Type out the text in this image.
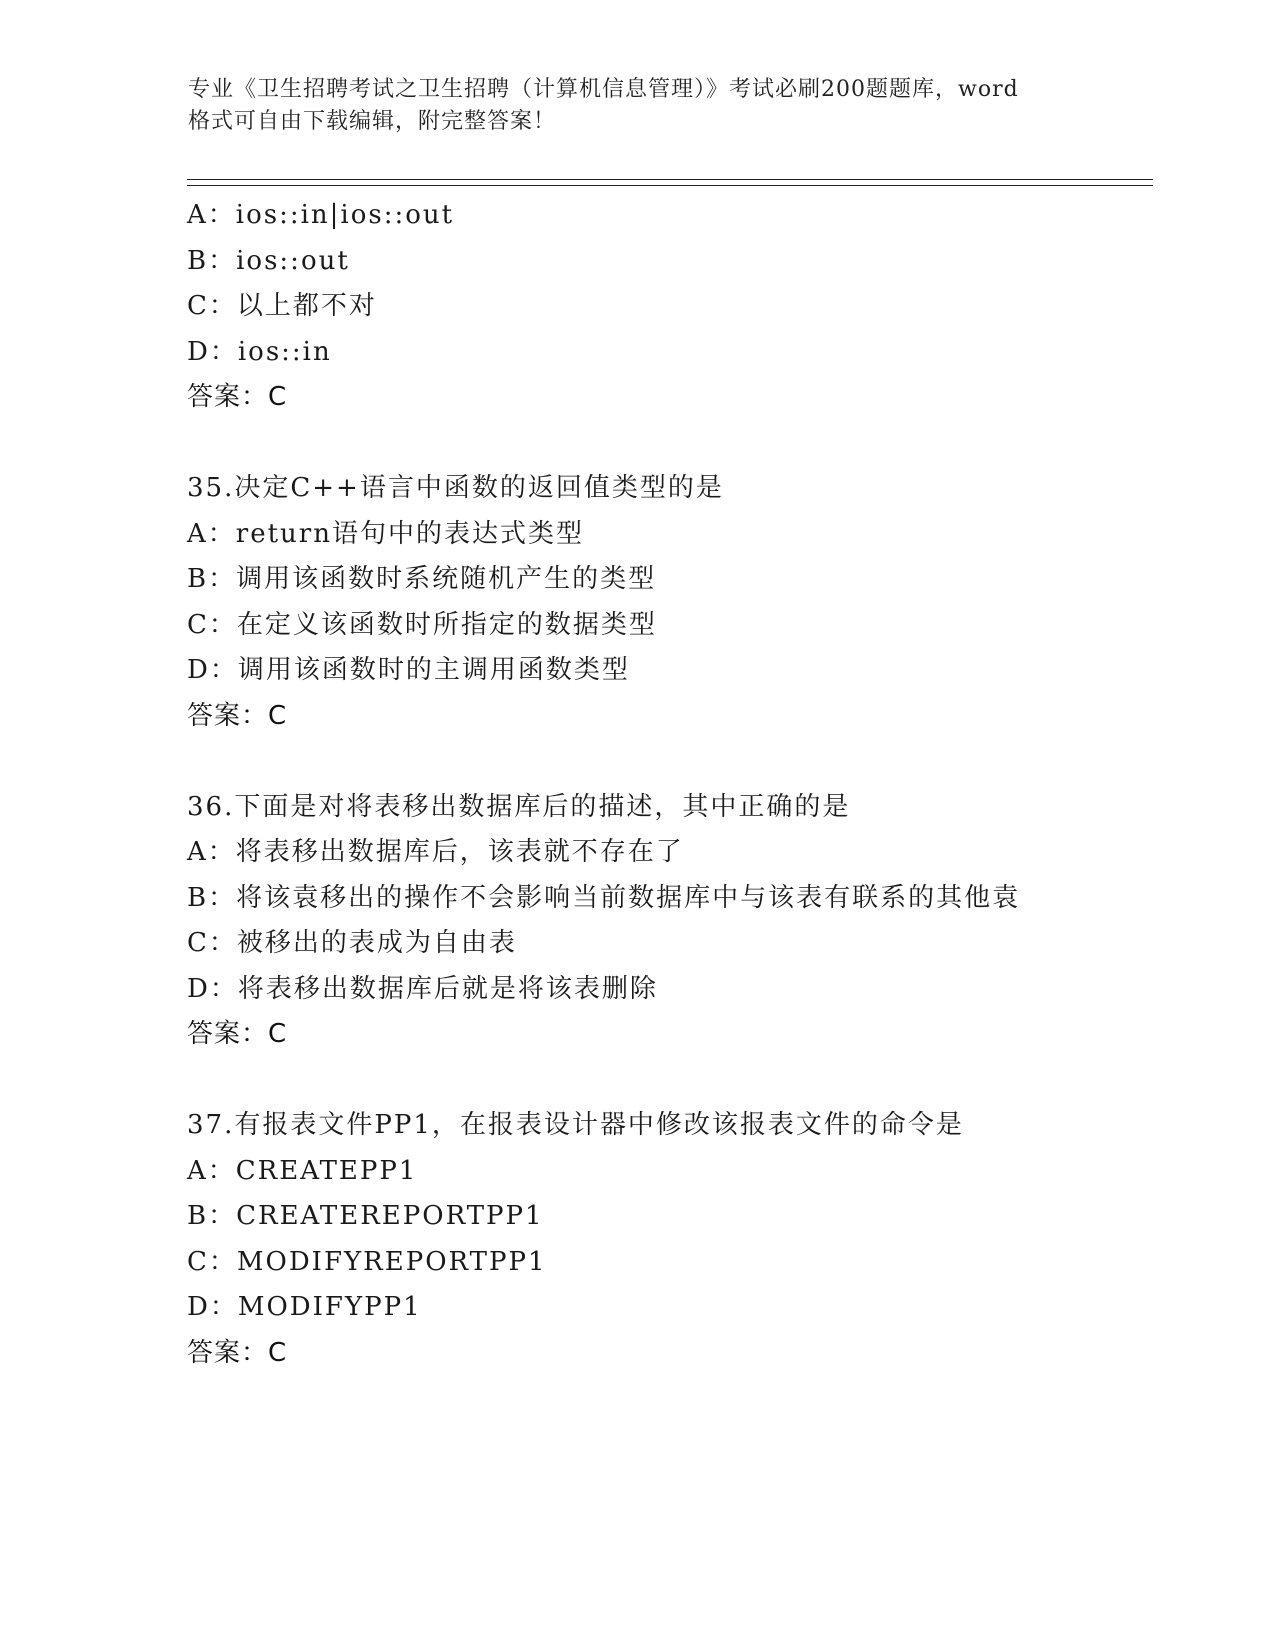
专业《卫生招聘考试之卫生招聘（计算机信息管理）》考试必刷200题题库，word
格式可自由下载编辑，附完整答案！
A：ios::in|ios::out
B：ios::out
C：以上都不对
D：ios::in
答案：C
35.决定C++语言中函数的返回值类型的是
A：return语句中的表达式类型
B：调用该函数时系统随机产生的类型
C：在定义该函数时所指定的数据类型
D：调用该函数时的主调用函数类型
答案：C
36.下面是对将表移出数据库后的描述，其中正确的是
A：将表移出数据库后，该表就不存在了
B：将该袁移出的操作不会影响当前数据库中与该表有联系的其他袁
C：被移出的表成为自由表
D：将表移出数据库后就是将该表删除
答案：C
37.有报表文件PP1，在报表设计器中修改该报表文件的命令是
A：CREATEPP1
B：CREATEREPORTPP1
C：MODIFYREPORTPP1
D：MODIFYPP1
答案：C
